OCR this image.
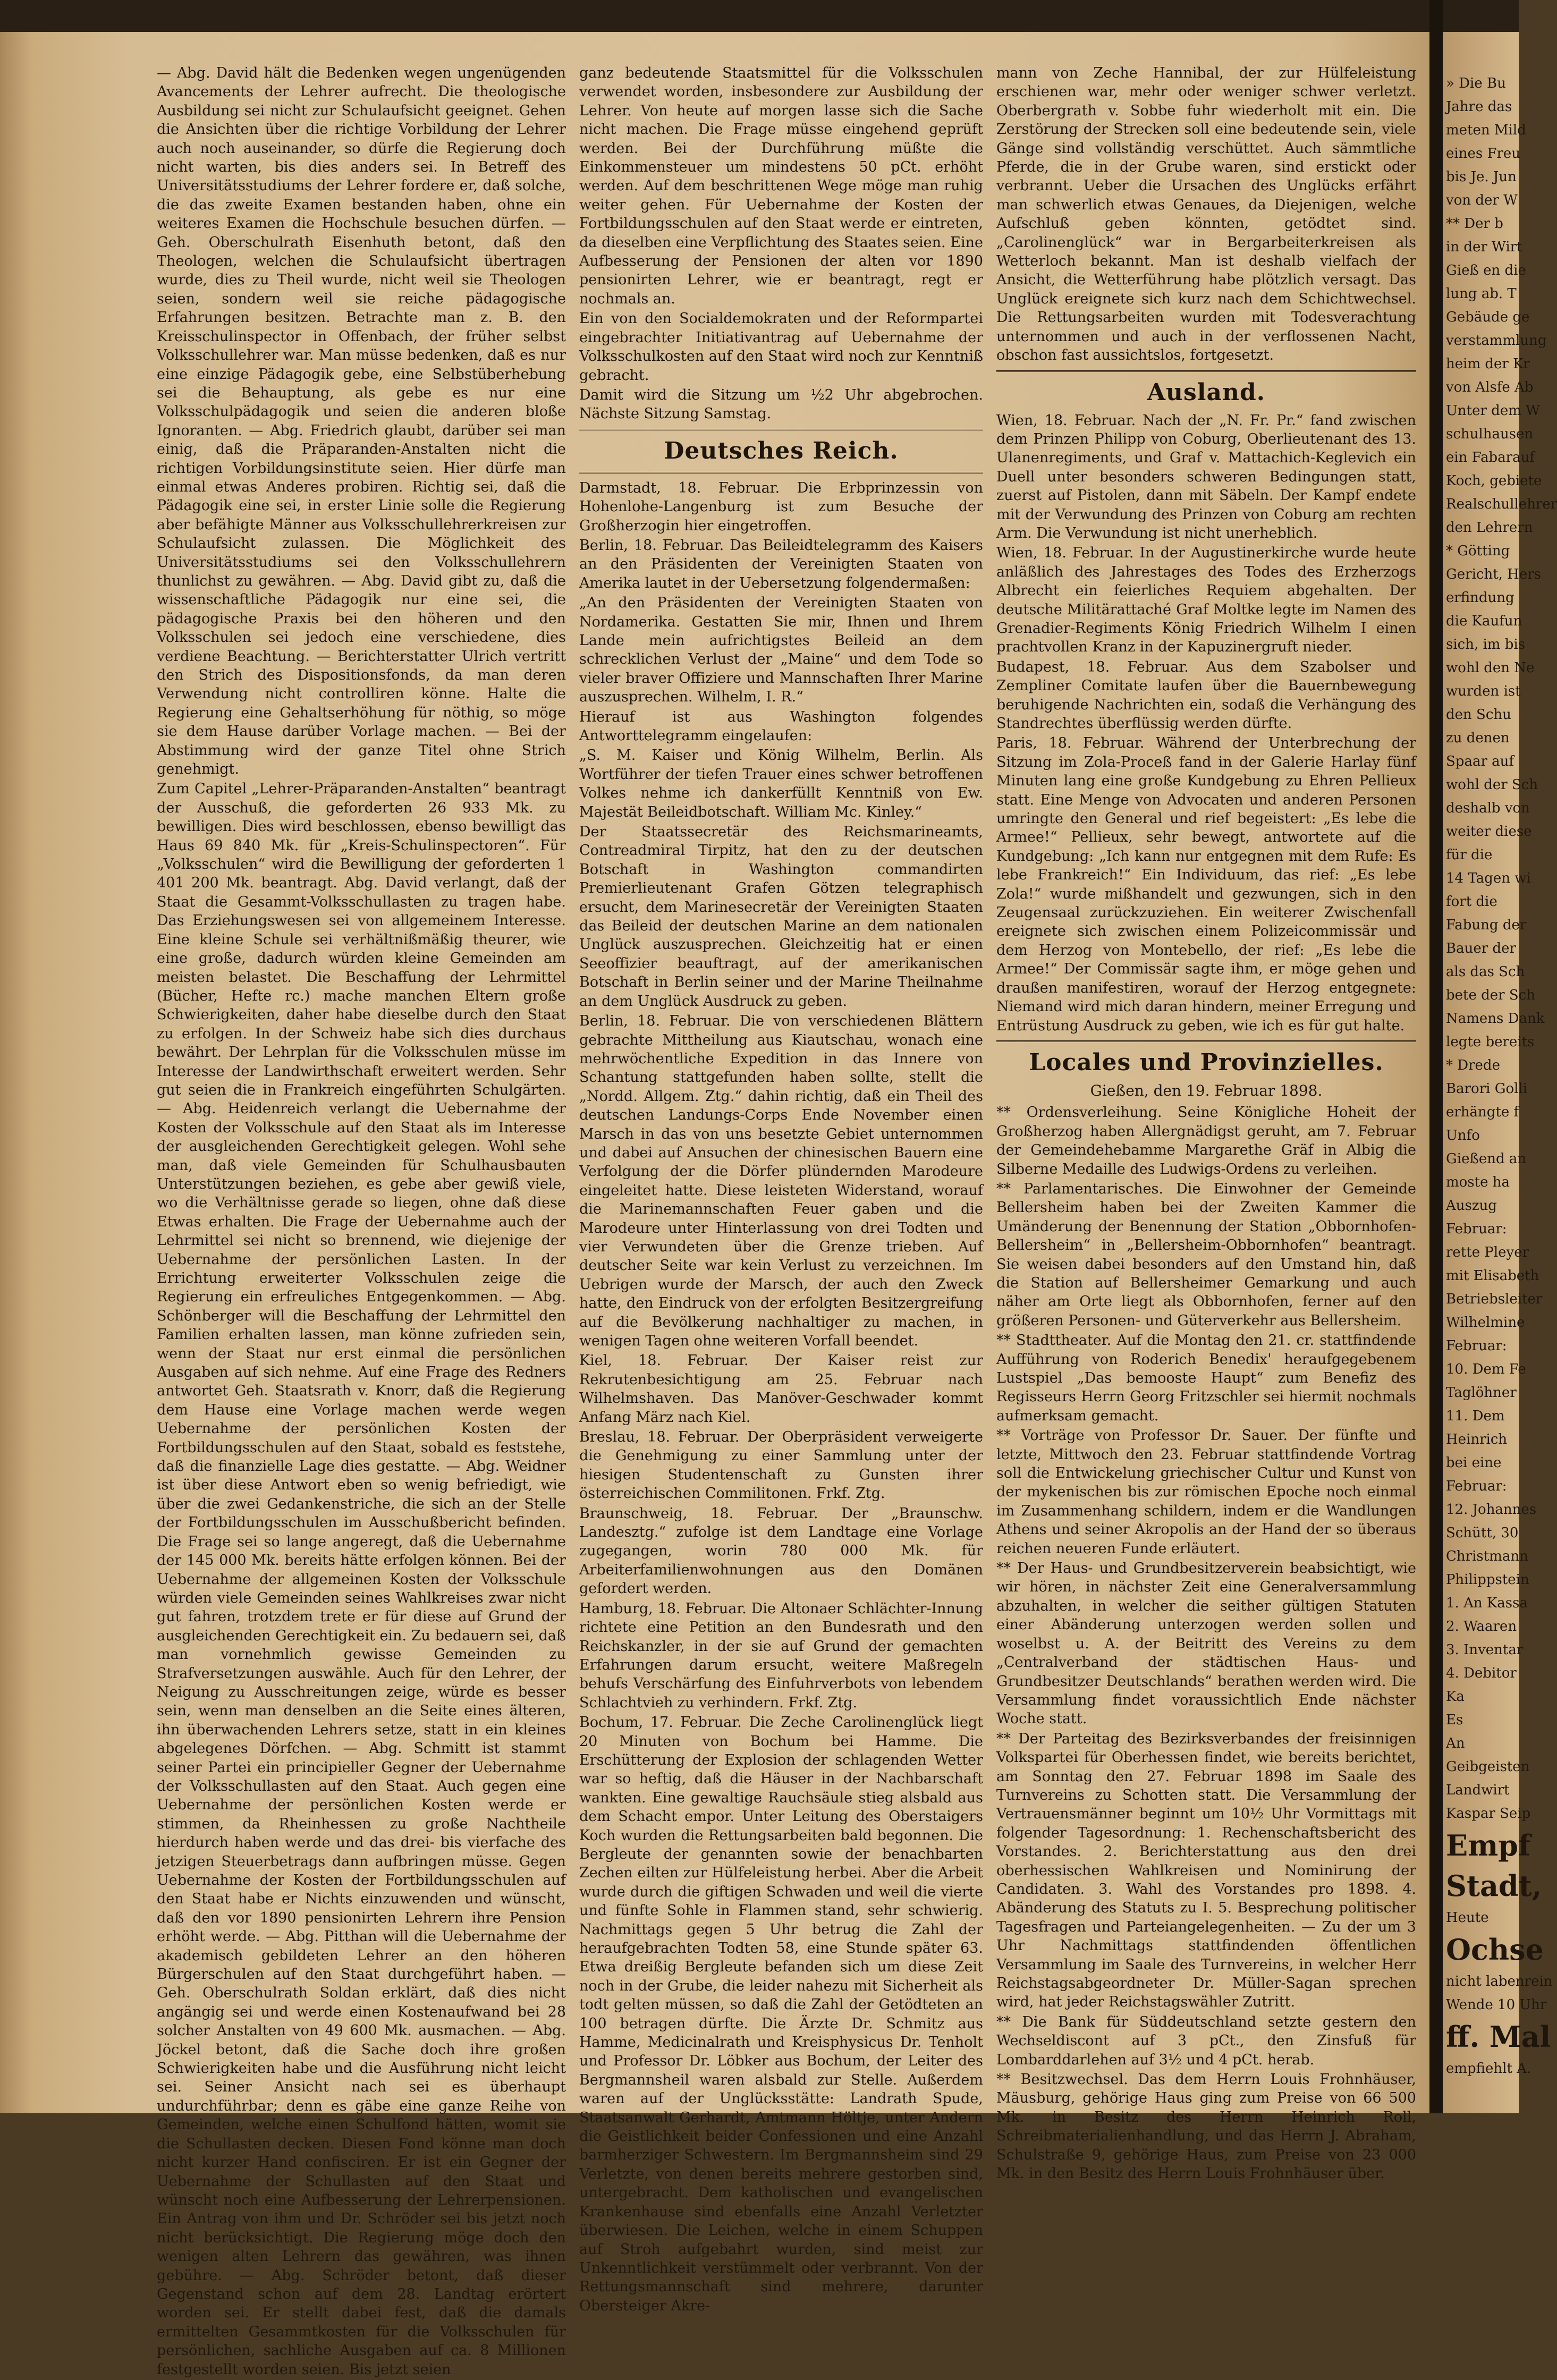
— Abg. David hält die Bedenken wegen ungenügenden Avancements der Lehrer aufrecht. Die theologische Ausbildung sei nicht zur Schulaufsicht geeignet. Gehen die Ansichten über die richtige Vorbildung der Lehrer auch noch auseinander, so dürfe die Regierung doch nicht warten, bis dies anders sei. In Betreff des Universitätsstudiums der Lehrer fordere er, daß solche, die das zweite Examen bestanden haben, ohne ein weiteres Examen die Hochschule besuchen dürfen. — Geh. Oberschulrath Eisenhuth betont, daß den Theologen, welchen die Schulaufsicht übertragen wurde, dies zu Theil wurde, nicht weil sie Theologen seien, sondern weil sie reiche pädagogische Erfahrungen besitzen. Betrachte man z. B. den Kreisschulinspector in Offenbach, der früher selbst Volksschullehrer war. Man müsse bedenken, daß es nur eine einzige Pädagogik gebe, eine Selbstüberhebung sei die Behauptung, als gebe es nur eine Volksschulpädagogik und seien die anderen bloße Ignoranten. — Abg. Friedrich glaubt, darüber sei man einig, daß die Präparanden-Anstalten nicht die richtigen Vorbildungsinstitute seien. Hier dürfe man einmal etwas Anderes probiren. Richtig sei, daß die Pädagogik eine sei, in erster Linie solle die Regierung aber befähigte Männer aus Volksschullehrerkreisen zur Schulaufsicht zulassen. Die Möglichkeit des Universitätsstudiums sei den Volksschullehrern thunlichst zu gewähren. — Abg. David gibt zu, daß die wissenschaftliche Pädagogik nur eine sei, die pädagogische Praxis bei den höheren und den Volksschulen sei jedoch eine verschiedene, dies verdiene Beachtung. — Berichterstatter Ulrich vertritt den Strich des Dispositionsfonds, da man deren Verwendung nicht controlliren könne. Halte die Regierung eine Gehaltserhöhung für nöthig, so möge sie dem Hause darüber Vorlage machen. — Bei der Abstimmung wird der ganze Titel ohne Strich genehmigt.

Zum Capitel „Lehrer-Präparanden-Anstalten“ beantragt der Ausschuß, die geforderten 26 933 Mk. zu bewilligen. Dies wird beschlossen, ebenso bewilligt das Haus 69 840 Mk. für „Kreis-Schulinspectoren“. Für „Volksschulen“ wird die Bewilligung der geforderten 1 401 200 Mk. beantragt. Abg. David verlangt, daß der Staat die Gesammt-Volksschullasten zu tragen habe. Das Erziehungswesen sei von allgemeinem Interesse. Eine kleine Schule sei verhältnißmäßig theurer, wie eine große, dadurch würden kleine Gemeinden am meisten belastet. Die Beschaffung der Lehrmittel (Bücher, Hefte rc.) mache manchen Eltern große Schwierigkeiten, daher habe dieselbe durch den Staat zu erfolgen. In der Schweiz habe sich dies durchaus bewährt. Der Lehrplan für die Volksschulen müsse im Interesse der Landwirthschaft erweitert werden. Sehr gut seien die in Frankreich eingeführten Schulgärten. — Abg. Heidenreich verlangt die Uebernahme der Kosten der Volksschule auf den Staat als im Interesse der ausgleichenden Gerechtigkeit gelegen. Wohl sehe man, daß viele Gemeinden für Schulhausbauten Unterstützungen beziehen, es gebe aber gewiß viele, wo die Verhältnisse gerade so liegen, ohne daß diese Etwas erhalten. Die Frage der Uebernahme auch der Lehrmittel sei nicht so brennend, wie diejenige der Uebernahme der persönlichen Lasten. In der Errichtung erweiterter Volksschulen zeige die Regierung ein erfreuliches Entgegenkommen. — Abg. Schönberger will die Beschaffung der Lehrmittel den Familien erhalten lassen, man könne zufrieden sein, wenn der Staat nur erst einmal die persönlichen Ausgaben auf sich nehme. Auf eine Frage des Redners antwortet Geh. Staatsrath v. Knorr, daß die Regierung dem Hause eine Vorlage machen werde wegen Uebernahme der persönlichen Kosten der Fortbildungsschulen auf den Staat, sobald es feststehe, daß die finanzielle Lage dies gestatte. — Abg. Weidner ist über diese Antwort eben so wenig befriedigt, wie über die zwei Gedankenstriche, die sich an der Stelle der Fortbildungsschulen im Ausschußbericht befinden. Die Frage sei so lange angeregt, daß die Uebernahme der 145 000 Mk. bereits hätte erfolgen können. Bei der Uebernahme der allgemeinen Kosten der Volksschule würden viele Gemeinden seines Wahlkreises zwar nicht gut fahren, trotzdem trete er für diese auf Grund der ausgleichenden Gerechtigkeit ein. Zu bedauern sei, daß man vornehmlich gewisse Gemeinden zu Strafversetzungen auswähle. Auch für den Lehrer, der Neigung zu Ausschreitungen zeige, würde es besser sein, wenn man denselben an die Seite eines älteren, ihn überwachenden Lehrers setze, statt in ein kleines abgelegenes Dörfchen. — Abg. Schmitt ist stammt seiner Partei ein principieller Gegner der Uebernahme der Volksschullasten auf den Staat. Auch gegen eine Uebernahme der persönlichen Kosten werde er stimmen, da Rheinhessen zu große Nachtheile hierdurch haben werde und das drei- bis vierfache des jetzigen Steuerbetrags dann aufbringen müsse. Gegen Uebernahme der Kosten der Fortbildungsschulen auf den Staat habe er Nichts einzuwenden und wünscht, daß den vor 1890 pensionirten Lehrern ihre Pension erhöht werde. — Abg. Pitthan will die Uebernahme der akademisch gebildeten Lehrer an den höheren Bürgerschulen auf den Staat durchgeführt haben. — Geh. Oberschulrath Soldan erklärt, daß dies nicht angängig sei und werde einen Kostenaufwand bei 28 solcher Anstalten von 49 600 Mk. ausmachen. — Abg. Jöckel betont, daß die Sache doch ihre großen Schwierigkeiten habe und die Ausführung nicht leicht sei. Seiner Ansicht nach sei es überhaupt undurchführbar; denn es gäbe eine ganze Reihe von Gemeinden, welche einen Schulfond hätten, womit sie die Schullasten decken. Diesen Fond könne man doch nicht kurzer Hand confisciren. Er ist ein Gegner der Uebernahme der Schullasten auf den Staat und wünscht noch eine Aufbesserung der Lehrerpensionen. Ein Antrag von ihm und Dr. Schröder sei bis jetzt noch nicht berücksichtigt. Die Regierung möge doch den wenigen alten Lehrern das gewähren, was ihnen gebühre. — Abg. Schröder betont, daß dieser Gegenstand schon auf dem 28. Landtag erörtert worden sei. Er stellt dabei fest, daß die damals ermittelten Gesammtkosten für die Volksschulen für persönlichen, sachliche Ausgaben auf ca. 8 Millionen festgestellt worden seien. Bis jetzt seien

ganz bedeutende Staatsmittel für die Volksschulen verwendet worden, insbesondere zur Ausbildung der Lehrer. Von heute auf morgen lasse sich die Sache nicht machen. Die Frage müsse eingehend geprüft werden. Bei der Durchführung müßte die Einkommensteuer um mindestens 50 pCt. erhöht werden. Auf dem beschrittenen Wege möge man ruhig weiter gehen. Für Uebernahme der Kosten der Fortbildungsschulen auf den Staat werde er eintreten, da dieselben eine Verpflichtung des Staates seien. Eine Aufbesserung der Pensionen der alten vor 1890 pensionirten Lehrer, wie er beantragt, regt er nochmals an.

Ein von den Socialdemokraten und der Reformpartei eingebrachter Initiativantrag auf Uebernahme der Volksschulkosten auf den Staat wird noch zur Kenntniß gebracht.

Damit wird die Sitzung um ½2 Uhr abgebrochen. Nächste Sitzung Samstag.

Deutsches Reich.

Darmstadt, 18. Februar. Die Erbprinzessin von Hohenlohe-Langenburg ist zum Besuche der Großherzogin hier eingetroffen.

Berlin, 18. Februar. Das Beileidtelegramm des Kaisers an den Präsidenten der Vereinigten Staaten von Amerika lautet in der Uebersetzung folgendermaßen:

„An den Präsidenten der Vereinigten Staaten von Nordamerika. Gestatten Sie mir, Ihnen und Ihrem Lande mein aufrichtigstes Beileid an dem schrecklichen Verlust der „Maine“ und dem Tode so vieler braver Offiziere und Mannschaften Ihrer Marine auszusprechen. Wilhelm, I. R.“

Hierauf ist aus Washington folgendes Antworttelegramm eingelaufen:

„S. M. Kaiser und König Wilhelm, Berlin. Als Wortführer der tiefen Trauer eines schwer betroffenen Volkes nehme ich dankerfüllt Kenntniß von Ew. Majestät Beileidbotschaft. William Mc. Kinley.“

Der Staatssecretär des Reichsmarineamts, Contreadmiral Tirpitz, hat den zu der deutschen Botschaft in Washington commandirten Premierlieutenant Grafen Götzen telegraphisch ersucht, dem Marinesecretär der Vereinigten Staaten das Beileid der deutschen Marine an dem nationalen Unglück auszusprechen. Gleichzeitig hat er einen Seeoffizier beauftragt, auf der amerikanischen Botschaft in Berlin seiner und der Marine Theilnahme an dem Unglück Ausdruck zu geben.

Berlin, 18. Februar. Die von verschiedenen Blättern gebrachte Mittheilung aus Kiautschau, wonach eine mehrwöchentliche Expedition in das Innere von Schantung stattgefunden haben sollte, stellt die „Nordd. Allgem. Ztg.“ dahin richtig, daß ein Theil des deutschen Landungs-Corps Ende November einen Marsch in das von uns besetzte Gebiet unternommen und dabei auf Ansuchen der chinesischen Bauern eine Verfolgung der die Dörfer plündernden Marodeure eingeleitet hatte. Diese leisteten Widerstand, worauf die Marinemannschaften Feuer gaben und die Marodeure unter Hinterlassung von drei Todten und vier Verwundeten über die Grenze trieben. Auf deutscher Seite war kein Verlust zu verzeichnen. Im Uebrigen wurde der Marsch, der auch den Zweck hatte, den Eindruck von der erfolgten Besitzergreifung auf die Bevölkerung nachhaltiger zu machen, in wenigen Tagen ohne weiteren Vorfall beendet.

Kiel, 18. Februar. Der Kaiser reist zur Rekrutenbesichtigung am 25. Februar nach Wilhelmshaven. Das Manöver-Geschwader kommt Anfang März nach Kiel.

Breslau, 18. Februar. Der Oberpräsident verweigerte die Genehmigung zu einer Sammlung unter der hiesigen Studentenschaft zu Gunsten ihrer österreichischen Commilitonen. Frkf. Ztg.

Braunschweig, 18. Februar. Der „Braunschw. Landesztg.“ zufolge ist dem Landtage eine Vorlage zugegangen, worin 780 000 Mk. für Arbeiterfamilienwohnungen aus den Domänen gefordert werden.

Hamburg, 18. Februar. Die Altonaer Schlächter-Innung richtete eine Petition an den Bundesrath und den Reichskanzler, in der sie auf Grund der gemachten Erfahrungen darum ersucht, weitere Maßregeln behufs Verschärfung des Einfuhrverbots von lebendem Schlachtvieh zu verhindern. Frkf. Ztg.

Bochum, 17. Februar. Die Zeche Carolinenglück liegt 20 Minuten von Bochum bei Hamme. Die Erschütterung der Explosion der schlagenden Wetter war so heftig, daß die Häuser in der Nachbarschaft wankten. Eine gewaltige Rauchsäule stieg alsbald aus dem Schacht empor. Unter Leitung des Oberstaigers Koch wurden die Rettungsarbeiten bald begonnen. Die Bergleute der genannten sowie der benachbarten Zechen eilten zur Hülfeleistung herbei. Aber die Arbeit wurde durch die giftigen Schwaden und weil die vierte und fünfte Sohle in Flammen stand, sehr schwierig. Nachmittags gegen 5 Uhr betrug die Zahl der heraufgebrachten Todten 58, eine Stunde später 63. Etwa dreißig Bergleute befanden sich um diese Zeit noch in der Grube, die leider nahezu mit Sicherheit als todt gelten müssen, so daß die Zahl der Getödteten an 100 betragen dürfte. Die Ärzte Dr. Schmitz aus Hamme, Medicinalrath und Kreisphysicus Dr. Tenholt und Professor Dr. Löbker aus Bochum, der Leiter des Bergmannsheil waren alsbald zur Stelle. Außerdem waren auf der Unglücksstätte: Landrath Spude, Staatsanwalt Gerhardt, Amtmann Höltje, unter Andern die Geistlichkeit beider Confessionen und eine Anzahl barmherziger Schwestern. Im Bergmannsheim sind 29 Verletzte, von denen bereits mehrere gestorben sind, untergebracht. Dem katholischen und evangelischen Krankenhause sind ebenfalls eine Anzahl Verletzter überwiesen. Die Leichen, welche in einem Schuppen auf Stroh aufgebahrt wurden, sind meist zur Unkenntlichkeit verstümmelt oder verbrannt. Von der Rettungsmannschaft sind mehrere, darunter Obersteiger Akre-

mann von Zeche Hannibal, der zur Hülfeleistung erschienen war, mehr oder weniger schwer verletzt. Oberbergrath v. Sobbe fuhr wiederholt mit ein. Die Zerstörung der Strecken soll eine bedeutende sein, viele Gänge sind vollständig verschüttet. Auch sämmtliche Pferde, die in der Grube waren, sind erstickt oder verbrannt. Ueber die Ursachen des Unglücks erfährt man schwerlich etwas Genaues, da Diejenigen, welche Aufschluß geben könnten, getödtet sind. „Carolinenglück“ war in Bergarbeiterkreisen als Wetterloch bekannt. Man ist deshalb vielfach der Ansicht, die Wetterführung habe plötzlich versagt. Das Unglück ereignete sich kurz nach dem Schichtwechsel. Die Rettungsarbeiten wurden mit Todesverachtung unternommen und auch in der verflossenen Nacht, obschon fast aussichtslos, fortgesetzt.

Ausland.

Wien, 18. Februar. Nach der „N. Fr. Pr.“ fand zwischen dem Prinzen Philipp von Coburg, Oberlieutenant des 13. Ulanenregiments, und Graf v. Mattachich-Keglevich ein Duell unter besonders schweren Bedingungen statt, zuerst auf Pistolen, dann mit Säbeln. Der Kampf endete mit der Verwundung des Prinzen von Coburg am rechten Arm. Die Verwundung ist nicht unerheblich.

Wien, 18. Februar. In der Augustinerkirche wurde heute anläßlich des Jahrestages des Todes des Erzherzogs Albrecht ein feierliches Requiem abgehalten. Der deutsche Militärattaché Graf Moltke legte im Namen des Grenadier-Regiments König Friedrich Wilhelm I einen prachtvollen Kranz in der Kapuzinergruft nieder.

Budapest, 18. Februar. Aus dem Szabolser und Zempliner Comitate laufen über die Bauernbewegung beruhigende Nachrichten ein, sodaß die Verhängung des Standrechtes überflüssig werden dürfte.

Paris, 18. Februar. Während der Unterbrechung der Sitzung im Zola-Proceß fand in der Galerie Harlay fünf Minuten lang eine große Kundgebung zu Ehren Pellieux statt. Eine Menge von Advocaten und anderen Personen umringte den General und rief begeistert: „Es lebe die Armee!“ Pellieux, sehr bewegt, antwortete auf die Kundgebung: „Ich kann nur entgegnen mit dem Rufe: Es lebe Frankreich!“ Ein Individuum, das rief: „Es lebe Zola!“ wurde mißhandelt und gezwungen, sich in den Zeugensaal zurückzuziehen. Ein weiterer Zwischenfall ereignete sich zwischen einem Polizeicommissär und dem Herzog von Montebello, der rief: „Es lebe die Armee!“ Der Commissär sagte ihm, er möge gehen und draußen manifestiren, worauf der Herzog entgegnete: Niemand wird mich daran hindern, meiner Erregung und Entrüstung Ausdruck zu geben, wie ich es für gut halte.

Locales und Provinzielles.
Gießen, den 19. Februar 1898.

** Ordensverleihung. Seine Königliche Hoheit der Großherzog haben Allergnädigst geruht, am 7. Februar der Gemeindehebamme Margarethe Gräf in Albig die Silberne Medaille des Ludwigs-Ordens zu verleihen.

** Parlamentarisches. Die Einwohner der Gemeinde Bellersheim haben bei der Zweiten Kammer die Umänderung der Benennung der Station „Obbornhofen-Bellersheim“ in „Bellersheim-Obbornhofen“ beantragt. Sie weisen dabei besonders auf den Umstand hin, daß die Station auf Bellersheimer Gemarkung und auch näher am Orte liegt als Obbornhofen, ferner auf den größeren Personen- und Güterverkehr aus Bellersheim.

** Stadttheater. Auf die Montag den 21. cr. stattfindende Aufführung von Roderich Benedix' heraufgegebenem Lustspiel „Das bemooste Haupt“ zum Benefiz des Regisseurs Herrn Georg Fritzschler sei hiermit nochmals aufmerksam gemacht.

** Vorträge von Professor Dr. Sauer. Der fünfte und letzte, Mittwoch den 23. Februar stattfindende Vortrag soll die Entwickelung griechischer Cultur und Kunst von der mykenischen bis zur römischen Epoche noch einmal im Zusammenhang schildern, indem er die Wandlungen Athens und seiner Akropolis an der Hand der so überaus reichen neueren Funde erläutert.

** Der Haus- und Grundbesitzerverein beabsichtigt, wie wir hören, in nächster Zeit eine Generalversammlung abzuhalten, in welcher die seither gültigen Statuten einer Abänderung unterzogen werden sollen und woselbst u. A. der Beitritt des Vereins zu dem „Centralverband der städtischen Haus- und Grundbesitzer Deutschlands“ berathen werden wird. Die Versammlung findet voraussichtlich Ende nächster Woche statt.

** Der Parteitag des Bezirksverbandes der freisinnigen Volkspartei für Oberhessen findet, wie bereits berichtet, am Sonntag den 27. Februar 1898 im Saale des Turnvereins zu Schotten statt. Die Versammlung der Vertrauensmänner beginnt um 10½ Uhr Vormittags mit folgender Tagesordnung: 1. Rechenschaftsbericht des Vorstandes. 2. Berichterstattung aus den drei oberhessischen Wahlkreisen und Nominirung der Candidaten. 3. Wahl des Vorstandes pro 1898. 4. Abänderung des Statuts zu I. 5. Besprechung politischer Tagesfragen und Parteiangelegenheiten. — Zu der um 3 Uhr Nachmittags stattfindenden öffentlichen Versammlung im Saale des Turnvereins, in welcher Herr Reichstagsabgeordneter Dr. Müller-Sagan sprechen wird, hat jeder Reichstagswähler Zutritt.

** Die Bank für Süddeutschland setzte gestern den Wechseldiscont auf 3 pCt., den Zinsfuß für Lombarddarlehen auf 3½ und 4 pCt. herab.

** Besitzwechsel. Das dem Herrn Louis Frohnhäuser, Mäusburg, gehörige Haus ging zum Preise von 66 500 Mk. in Besitz des Herrn Heinrich Roll, Schreibmaterialienhandlung, und das Herrn J. Abraham, Schulstraße 9, gehörige Haus, zum Preise von 23 000 Mk. in den Besitz des Herrn Louis Frohnhäuser über.

» Die Bu
Jahre das
meten Mild
eines Freu
bis Je. Jun
von der W
** Der b
in der Wirt
Gieß en die
lung ab. T
Gebäude ge
verstammlung
heim der Kr
von Alsfe Ab
Unter dem W
schulhausen
ein Fabarauf
Koch, gebiete
Realschullehrer
den Lehrern
* Götting
Gericht, Hers
erfindung
die Kaufun
sich, im bis
wohl den Ne
wurden ist
den Schu
zu denen
Spaar auf
wohl der Sch
deshalb von
weiter diese
für die
14 Tagen wi
fort die
Fabung der
Bauer der
als das Sch
bete der Sch
Namens Dank
legte bereits
* Drede
Barori Golli
erhängte f
Unfo
Gießend an
moste ha
Auszug
Februar:
rette Pleyer
mit Elisabeth
Betriebsleiter
Wilhelmine
Februar:
10. Dem Fe
Taglöhner
11. Dem
Heinrich
bei eine
Februar:
12. Johannes
Schütt, 30
Christmann
Philippstein
1. An Kassa
2. Waaren
3. Inventar
4. Debitor
Ka
Es
An
Geibgeisten
Landwirt
Kaspar Seip
Empf
Stadt,
Heute
Ochse
nicht labenrein
Wende 10 Uhr
ff. Mal
empfiehlt A.
